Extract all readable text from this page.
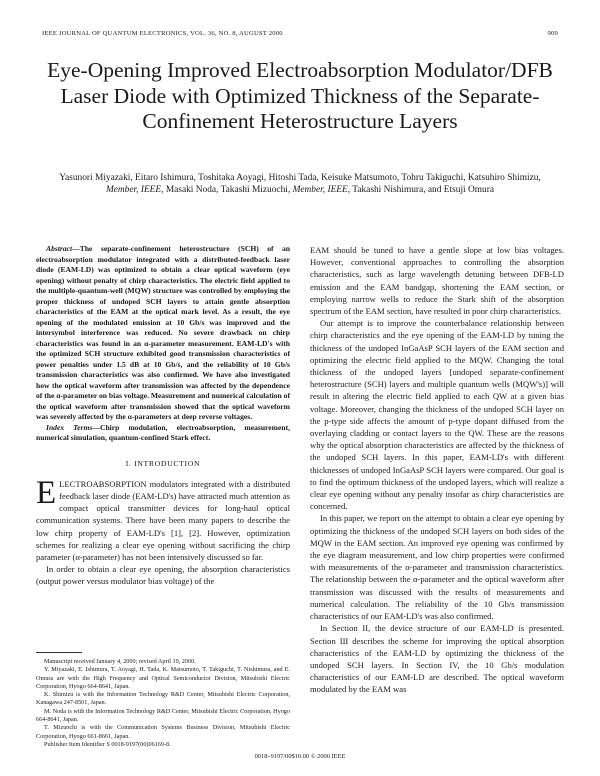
IEEE JOURNAL OF QUANTUM ELECTRONICS, VOL. 36, NO. 8, AUGUST 2000	909
Eye-Opening Improved Electroabsorption Modulator/DFB Laser Diode with Optimized Thickness of the Separate-Confinement Heterostructure Layers
Yasunori Miyazaki, Eitaro Ishimura, Toshitaka Aoyagi, Hitoshi Tada, Keisuke Matsumoto, Tohru Takiguchi, Katsuhiro Shimizu, Member, IEEE, Masaki Noda, Takashi Mizuochi, Member, IEEE, Takashi Nishimura, and Etsuji Omura

Abstract—The separate-confinement heterostructure (SCH) of an electroabsorption modulator integrated with a distributed-feedback laser diode (EAM-LD) was optimized to obtain a clear optical waveform (eye opening) without penalty of chirp characteristics. The electric field applied to the multiple-quantum-well (MQW) structure was controlled by employing the proper thickness of undoped SCH layers to attain gentle absorption characteristics of the EAM at the optical mark level. As a result, the eye opening of the modulated emission at 10 Gb/s was improved and the intersymbol interference was reduced. No severe drawback on chirp characteristics was found in an α-parameter measurement. EAM-LD's with the optimized SCH structure exhibited good transmission characteristics of power penalties under 1.5 dB at 10 Gb/s, and the reliability of 10 Gb/s transmission characteristics was also confirmed. We have also investigated how the optical waveform after transmission was affected by the dependence of the α-parameter on bias voltage. Measurement and numerical calculation of the optical waveform after transmission showed that the optical waveform was severely affected by the α-parameters at deep reverse voltages.

Index Terms—Chirp modulation, electroabsorption, measurement, numerical simulation, quantum-confined Stark effect.

I. INTRODUCTION

ELECTROABSORPTION modulators integrated with a distributed feedback laser diode (EAM-LD's) have attracted much attention as compact optical transmitter devices for long-haul optical communication systems. There have been many papers to describe the low chirp property of EAM-LD's [1], [2]. However, optimization schemes for realizing a clear eye opening without sacrificing the chirp parameter (α-parameter) has not been intensively discussed so far.

In order to obtain a clear eye opening, the absorption characteristics (output power versus modulator bias voltage) of the

Manuscript received January 4, 2000; revised April 19, 2000.

Y. Miyazaki, E. Ishimura, T. Aoyagi, H. Tada, K. Matsumoto, T. Takiguchi, T. Nishimura, and E. Omura are with the High Frequency and Optical Semiconductor Division, Mitsubishi Electric Corporation, Hyogo 664-8641, Japan.

K. Shimizu is with the Information Technology R&D Center, Mitsubishi Electric Corporation, Kanagawa 247-8501, Japan.

M. Noda is with the Information Technology R&D Center, Mitsubishi Electric Corporation, Hyogo 664-8641, Japan.

T. Mizuochi is with the Communication Systems Business Division, Mitsubishi Electric Corporation, Hyogo 661-8661, Japan.

Publisher Item Identifier S 0018-9197(00)06169-8.

EAM should be tuned to have a gentle slope at low bias voltages. However, conventional approaches to controlling the absorption characteristics, such as large wavelength detuning between DFB-LD emission and the EAM bandgap, shortening the EAM section, or employing narrow wells to reduce the Stark shift of the absorption spectrum of the EAM section, have resulted in poor chirp characteristics.

Our attempt is to improve the counterbalance relationship between chirp characteristics and the eye opening of the EAM-LD by tuning the thickness of the undoped InGaAsP SCH layers of the EAM section and optimizing the electric field applied to the MQW. Changing the total thickness of the undoped layers [undoped separate-confinement heterostructure (SCH) layers and multiple quantum wells (MQW's)] will result in altering the electric field applied to each QW at a given bias voltage. Moreover, changing the thickness of the undoped SCH layer on the p-type side affects the amount of p-type dopant diffused from the overlaying cladding or contact layers to the QW. These are the reasons why the optical absorption characteristics are affected by the thickness of the undoped SCH layers. In this paper, EAM-LD's with different thicknesses of undoped InGaAsP SCH layers were compared. Our goal is to find the optimum thickness of the undoped layers, which will realize a clear eye opening without any penalty insofar as chirp characteristics are concerned.

In this paper, we report on the attempt to obtain a clear eye opening by optimizing the thickness of the undoped SCH layers on both sides of the MQW in the EAM section. An improved eye opening was confirmed by the eye diagram measurement, and low chirp properties were confirmed with measurements of the α-parameter and transmission characteristics. The relationship between the α-parameter and the optical waveform after transmission was discussed with the results of measurements and numerical calculation. The reliability of the 10 Gb/s transmission characteristics of our EAM-LD's was also confirmed.

In Section II, the device structure of our EAM-LD is presented. Section III describes the scheme for improving the optical absorption characteristics of the EAM-LD by optimizing the thickness of the undoped SCH layers. In Section IV, the 10 Gb/s modulation characteristics of our EAM-LD are described. The optical waveform modulated by the EAM was

0018–9197/00$10.00 © 2000 IEEE
